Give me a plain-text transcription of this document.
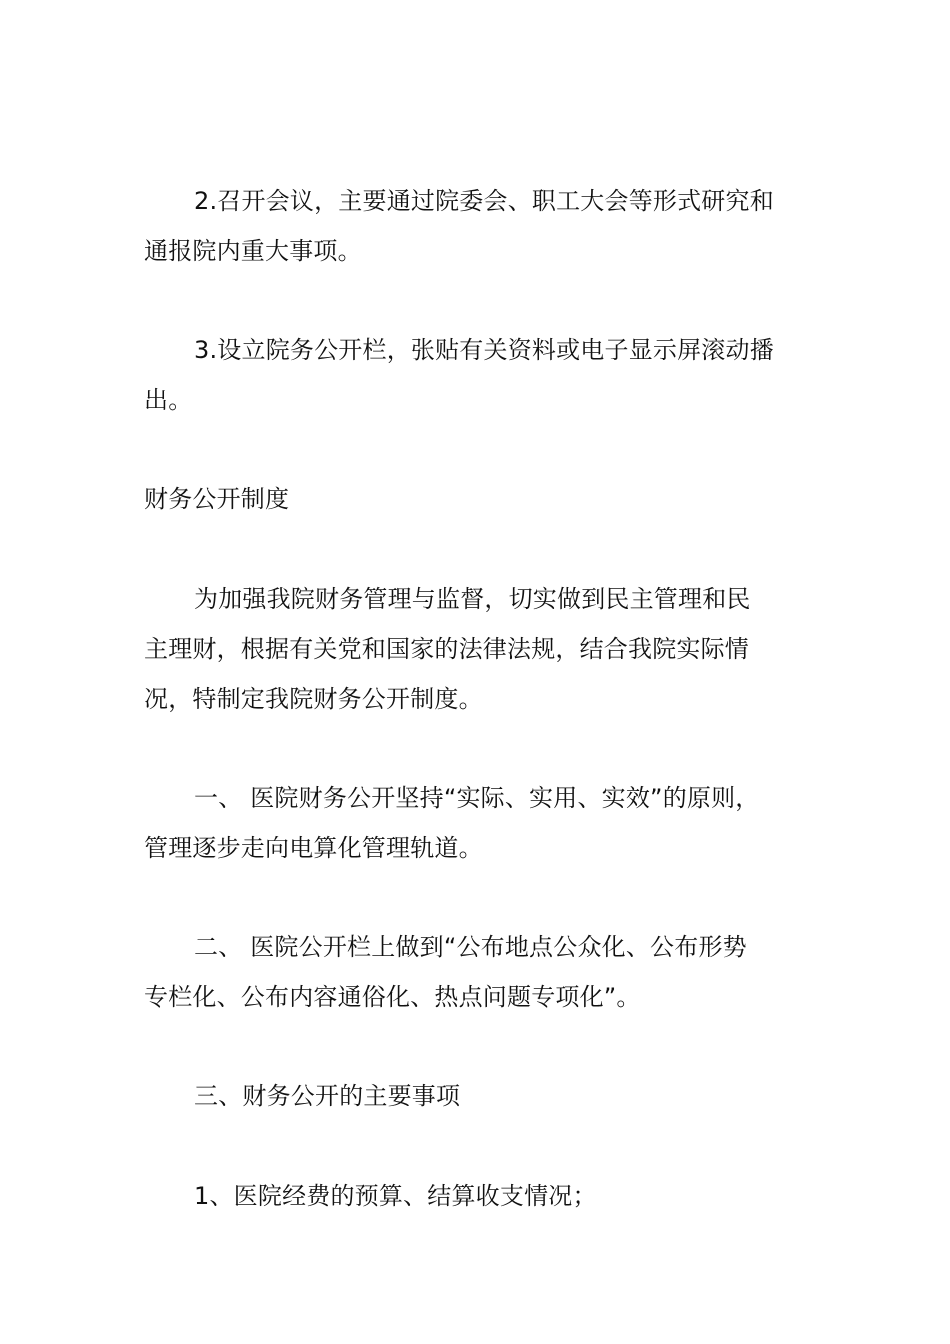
2.召开会议，主要通过院委会、职工大会等形式研究和
通报院内重大事项。

3.设立院务公开栏，张贴有关资料或电子显示屏滚动播
出。

财务公开制度

为加强我院财务管理与监督，切实做到民主管理和民
主理财，根据有关党和国家的法律法规，结合我院实际情
况，特制定我院财务公开制度。

一、 医院财务公开坚持“实际、实用、实效”的原则，
管理逐步走向电算化管理轨道。

二、 医院公开栏上做到“公布地点公众化、公布形势
专栏化、公布内容通俗化、热点问题专项化”。

三、财务公开的主要事项

1、医院经费的预算、结算收支情况；
